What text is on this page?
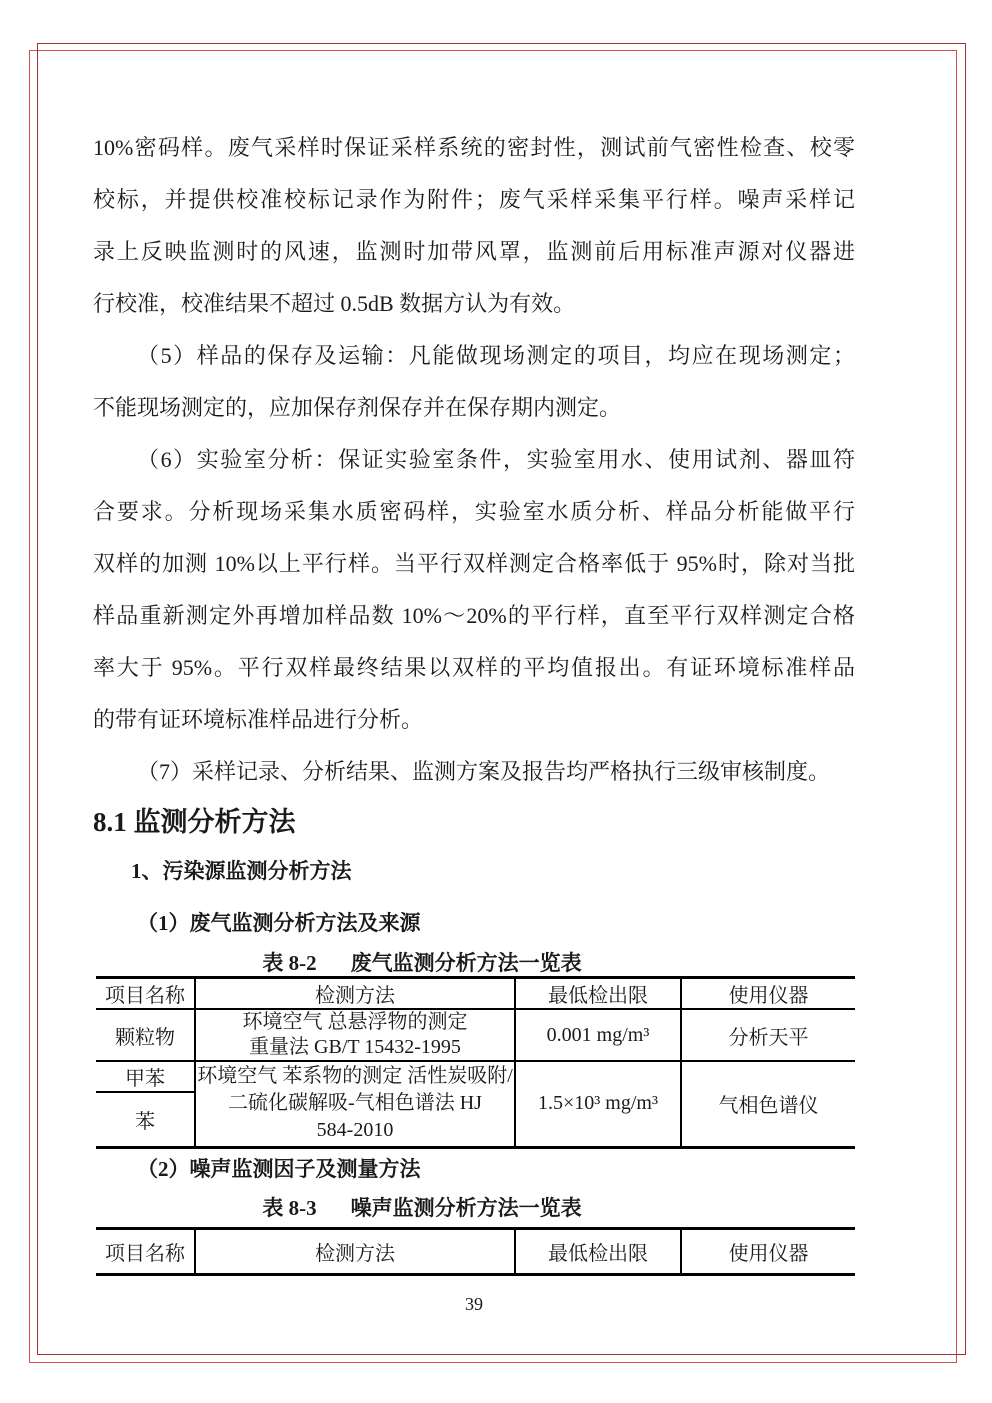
10%密码样。废气采样时保证采样系统的密封性，测试前气密性检查、校零
校标，并提供校准校标记录作为附件；废气采样采集平行样。噪声采样记
录上反映监测时的风速，监测时加带风罩，监测前后用标准声源对仪器进
行校准，校准结果不超过 0.5dB 数据方认为有效。
（5）样品的保存及运输：凡能做现场测定的项目，均应在现场测定；
不能现场测定的，应加保存剂保存并在保存期内测定。
（6）实验室分析：保证实验室条件，实验室用水、使用试剂、器皿符
合要求。分析现场采集水质密码样，实验室水质分析、样品分析能做平行
双样的加测 10%以上平行样。当平行双样测定合格率低于 95%时，除对当批
样品重新测定外再增加样品数 10%～20%的平行样，直至平行双样测定合格
率大于 95%。平行双样最终结果以双样的平均值报出。有证环境标准样品
的带有证环境标准样品进行分析。
（7）采样记录、分析结果、监测方案及报告均严格执行三级审核制度。
8.1 监测分析方法
1、污染源监测分析方法
（1）废气监测分析方法及来源
表 8-2 废气监测分析方法一览表
项目名称	检测方法	最低检出限	使用仪器
颗粒物	环境空气 总悬浮物的测定
重量法 GB/T 15432-1995	0.001 mg/m³	分析天平
甲苯	环境空气 苯系物的测定 活性炭吸附/
二硫化碳解吸-气相色谱法 HJ
584-2010	1.5×10³ mg/m³	气相色谱仪
苯			
（2）噪声监测因子及测量方法
表 8-3 噪声监测分析方法一览表
项目名称	检测方法	最低检出限	使用仪器
39
